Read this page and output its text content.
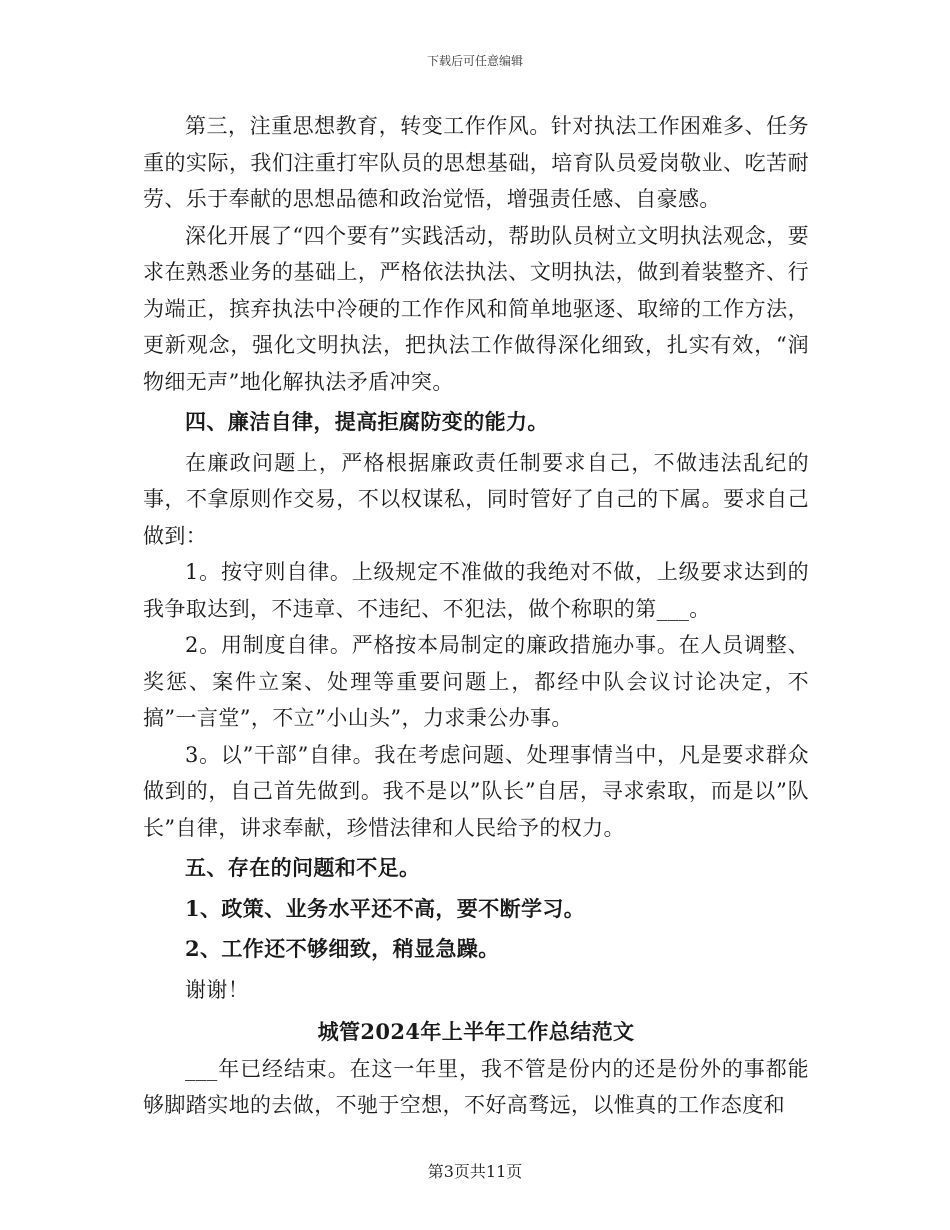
下载后可任意编辑

第三，注重思想教育，转变工作作风。针对执法工作困难多、任务重的实际，我们注重打牢队员的思想基础，培育队员爱岗敬业、吃苦耐劳、乐于奉献的思想品德和政治觉悟，增强责任感、自豪感。

深化开展了“四个要有”实践活动，帮助队员树立文明执法观念，要求在熟悉业务的基础上，严格依法执法、文明执法，做到着装整齐、行为端正，摈弃执法中冷硬的工作作风和简单地驱逐、取缔的工作方法，更新观念，强化文明执法，把执法工作做得深化细致，扎实有效，“润物细无声”地化解执法矛盾冲突。

四、廉洁自律，提高拒腐防变的能力。

在廉政问题上，严格根据廉政责任制要求自己，不做违法乱纪的事，不拿原则作交易，不以权谋私，同时管好了自己的下属。要求自己做到：

1。按守则自律。上级规定不准做的我绝对不做，上级要求达到的我争取达到，不违章、不违纪、不犯法，做个称职的第___。

2。用制度自律。严格按本局制定的廉政措施办事。在人员调整、奖惩、案件立案、处理等重要问题上，都经中队会议讨论决定，不搞”一言堂”，不立”小山头”，力求秉公办事。

3。以”干部”自律。我在考虑问题、处理事情当中，凡是要求群众做到的，自己首先做到。我不是以”队长”自居，寻求索取，而是以”队长”自律，讲求奉献，珍惜法律和人民给予的权力。

五、存在的问题和不足。

1、政策、业务水平还不高，要不断学习。

2、工作还不够细致，稍显急躁。

谢谢！

城管2024年上半年工作总结范文

___年已经结束。在这一年里，我不管是份内的还是份外的事都能够脚踏实地的去做，不驰于空想，不好高骛远，以惟真的工作态度和

第3页共11页
